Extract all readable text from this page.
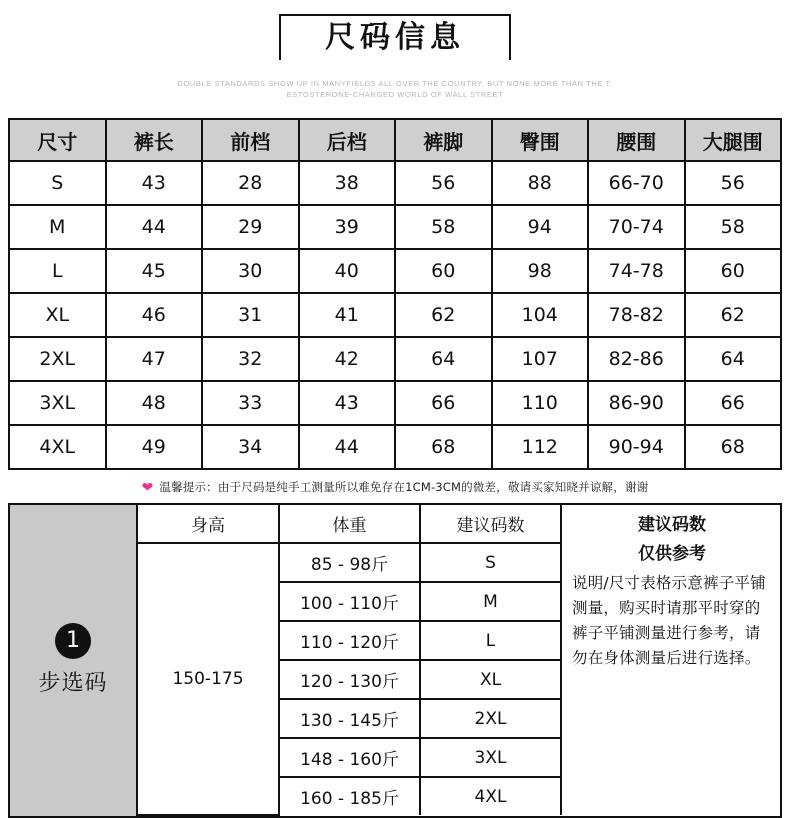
尺码信息
DOUBLE STANDARDS SHOW UP IN MANYFIELDS ALL OVER THE COUNTRY, BUT NONE MORE THAN THE T.
ESTOSTERONE-CHARGED WORLD OF WALL STREET
尺寸	裤长	前档	后档	裤脚	臀围	腰围	大腿围
S	43	28	38	56	88	66-70	56
M	44	29	39	58	94	70-74	58
L	45	30	40	60	98	74-78	60
XL	46	31	41	62	104	78-82	62
2XL	47	32	42	64	107	82-86	64
3XL	48	33	43	66	110	86-90	66
4XL	49	34	44	68	112	90-94	68
❤ 温馨提示：由于尺码是纯手工测量所以难免存在1CM-3CM的微差，敬请买家知晓并谅解，谢谢
1
步选码
身高	体重	建议码数
150-175	85 - 98斤	S
	100 - 110斤	M
	110 - 120斤	L
	120 - 130斤	XL
	130 - 145斤	2XL
	148 - 160斤	3XL
	160 - 185斤	4XL
建议码数
仅供参考
说明/尺寸表格示意裤子平铺测量，购买时请那平时穿的裤子平铺测量进行参考，请勿在身体测量后进行选择。
